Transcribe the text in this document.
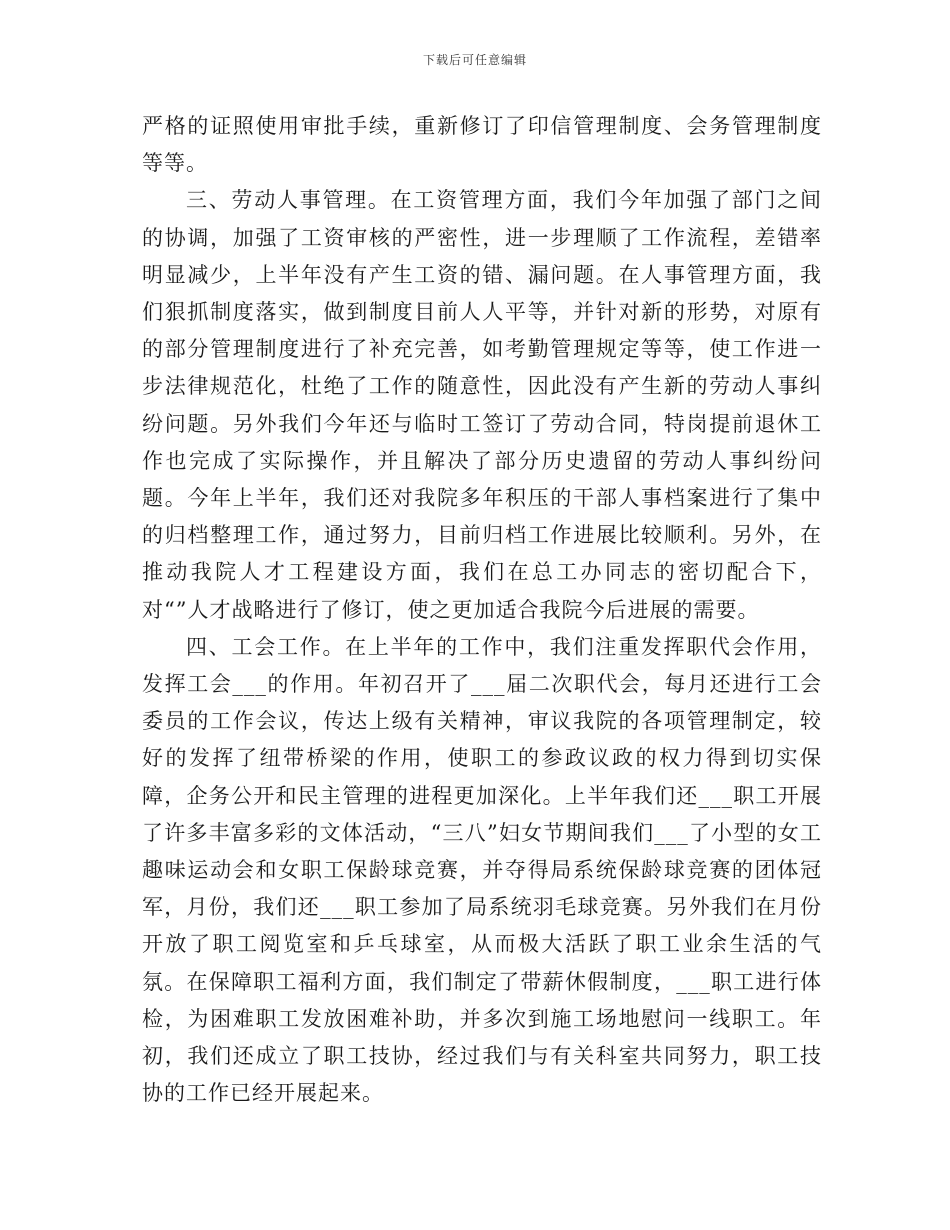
下载后可任意编辑

严格的证照使用审批手续，重新修订了印信管理制度、会务管理制度等等。

三、劳动人事管理。在工资管理方面，我们今年加强了部门之间的协调，加强了工资审核的严密性，进一步理顺了工作流程，差错率明显减少，上半年没有产生工资的错、漏问题。在人事管理方面，我们狠抓制度落实，做到制度目前人人平等，并针对新的形势，对原有的部分管理制度进行了补充完善，如考勤管理规定等等，使工作进一步法律规范化，杜绝了工作的随意性，因此没有产生新的劳动人事纠纷问题。另外我们今年还与临时工签订了劳动合同，特岗提前退休工作也完成了实际操作，并且解决了部分历史遗留的劳动人事纠纷问题。今年上半年，我们还对我院多年积压的干部人事档案进行了集中的归档整理工作，通过努力，目前归档工作进展比较顺利。另外，在推动我院人才工程建设方面，我们在总工办同志的密切配合下，对“”人才战略进行了修订，使之更加适合我院今后进展的需要。

四、工会工作。在上半年的工作中，我们注重发挥职代会作用，发挥工会___的作用。年初召开了___届二次职代会，每月还进行工会委员的工作会议，传达上级有关精神，审议我院的各项管理制定，较好的发挥了纽带桥梁的作用，使职工的参政议政的权力得到切实保障，企务公开和民主管理的进程更加深化。上半年我们还___职工开展了许多丰富多彩的文体活动，“三八”妇女节期间我们___了小型的女工趣味运动会和女职工保龄球竞赛，并夺得局系统保龄球竞赛的团体冠军，月份，我们还___职工参加了局系统羽毛球竞赛。另外我们在月份开放了职工阅览室和乒乓球室，从而极大活跃了职工业余生活的气氛。在保障职工福利方面，我们制定了带薪休假制度，___职工进行体检，为困难职工发放困难补助，并多次到施工场地慰问一线职工。年初，我们还成立了职工技协，经过我们与有关科室共同努力，职工技协的工作已经开展起来。
